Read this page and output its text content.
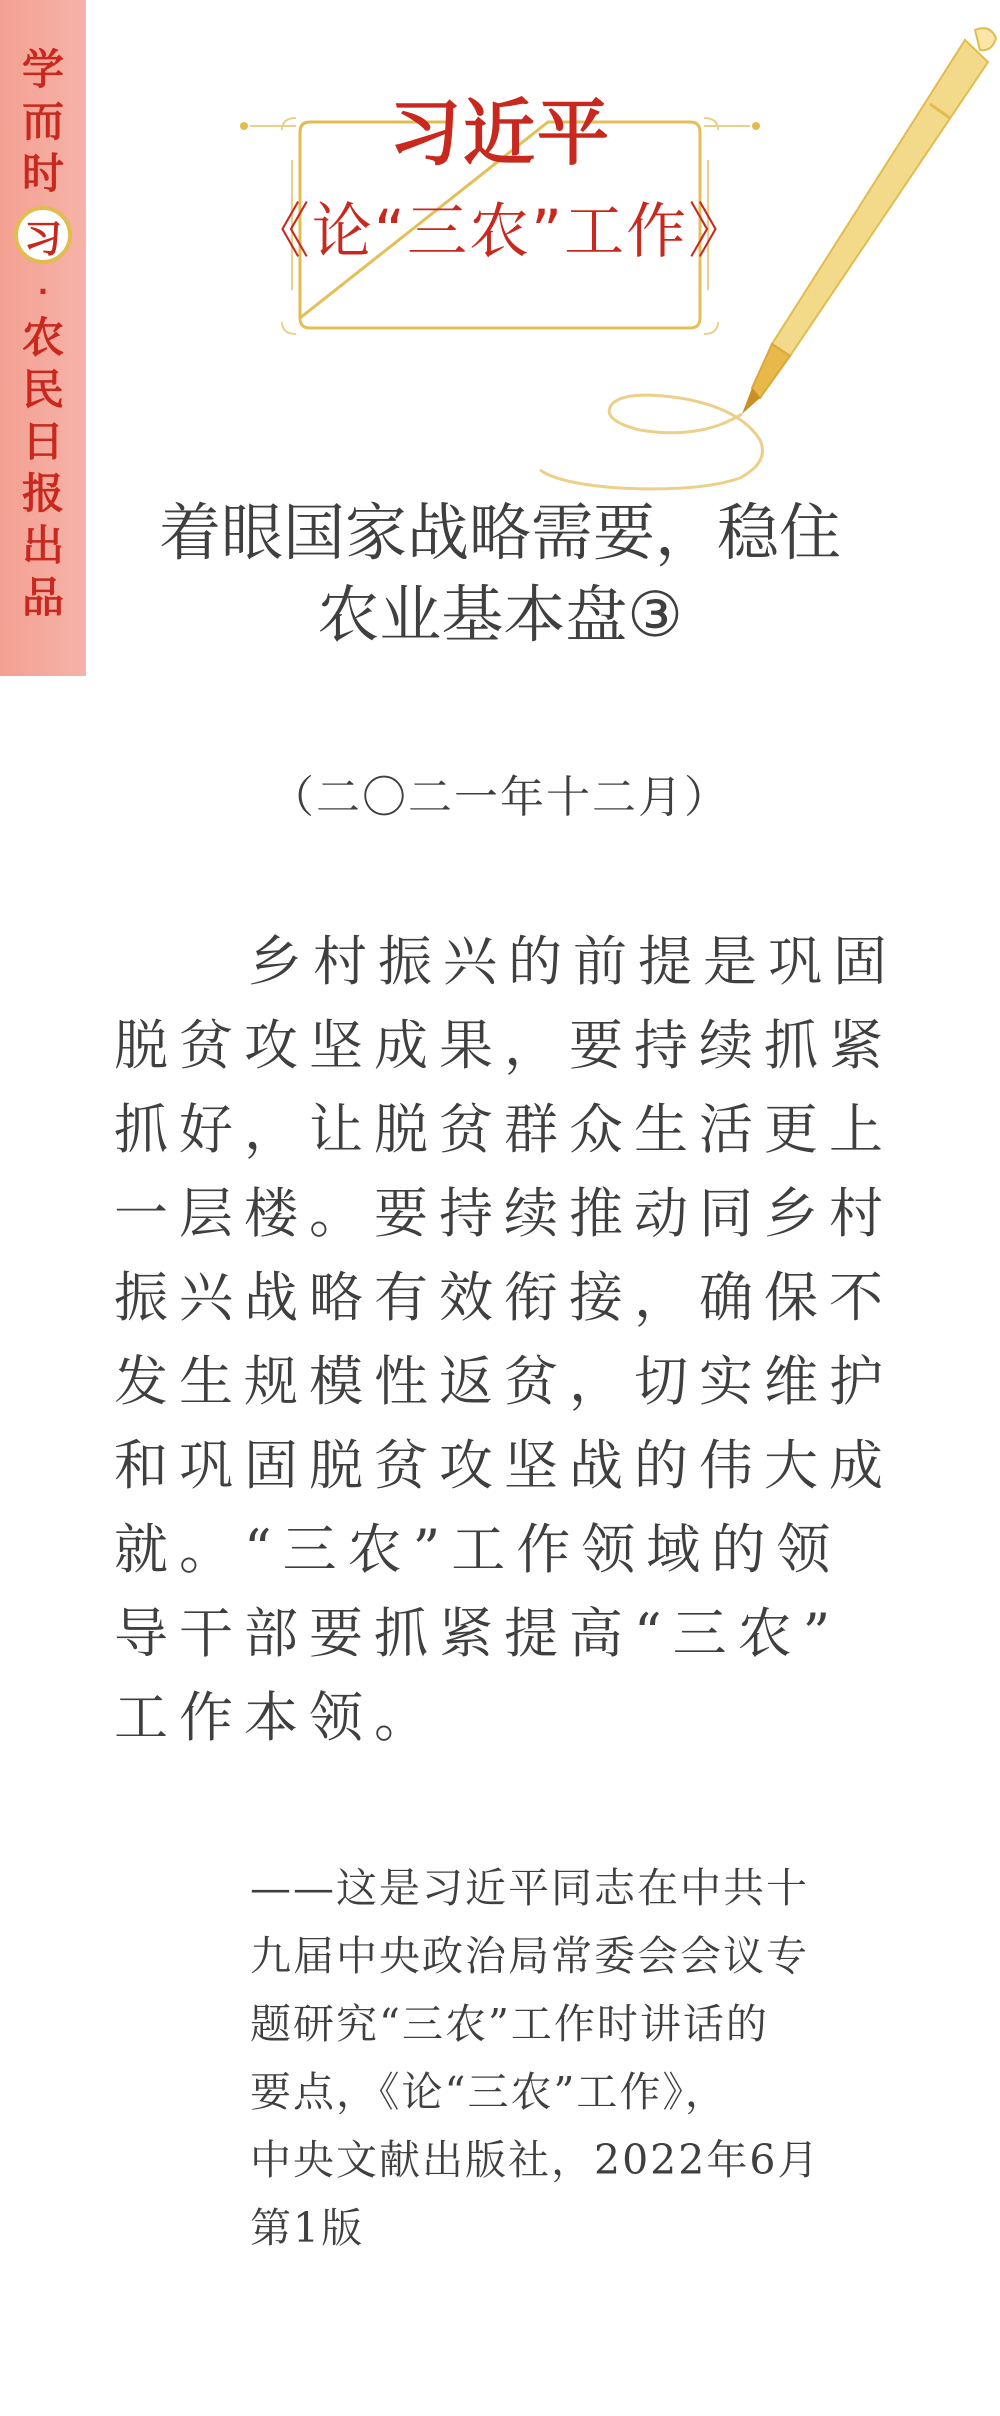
学
而
时
习
·
农
民
日
报
出
品
习近平
《论“三农”工作》
着眼国家战略需要，稳住
农业基本盘③
（二〇二一年十二月）
乡村振兴的前提是巩固
脱贫攻坚成果，要持续抓紧
抓好，让脱贫群众生活更上
一层楼。要持续推动同乡村
振兴战略有效衔接，确保不
发生规模性返贫，切实维护
和巩固脱贫攻坚战的伟大成
就。“三农”工作领域的领
导干部要抓紧提高“三农”
工作本领。
——这是习近平同志在中共十
九届中央政治局常委会会议专
题研究“三农”工作时讲话的
要点，《论“三农”工作》，
中央文献出版社，2022年6月
第1版
